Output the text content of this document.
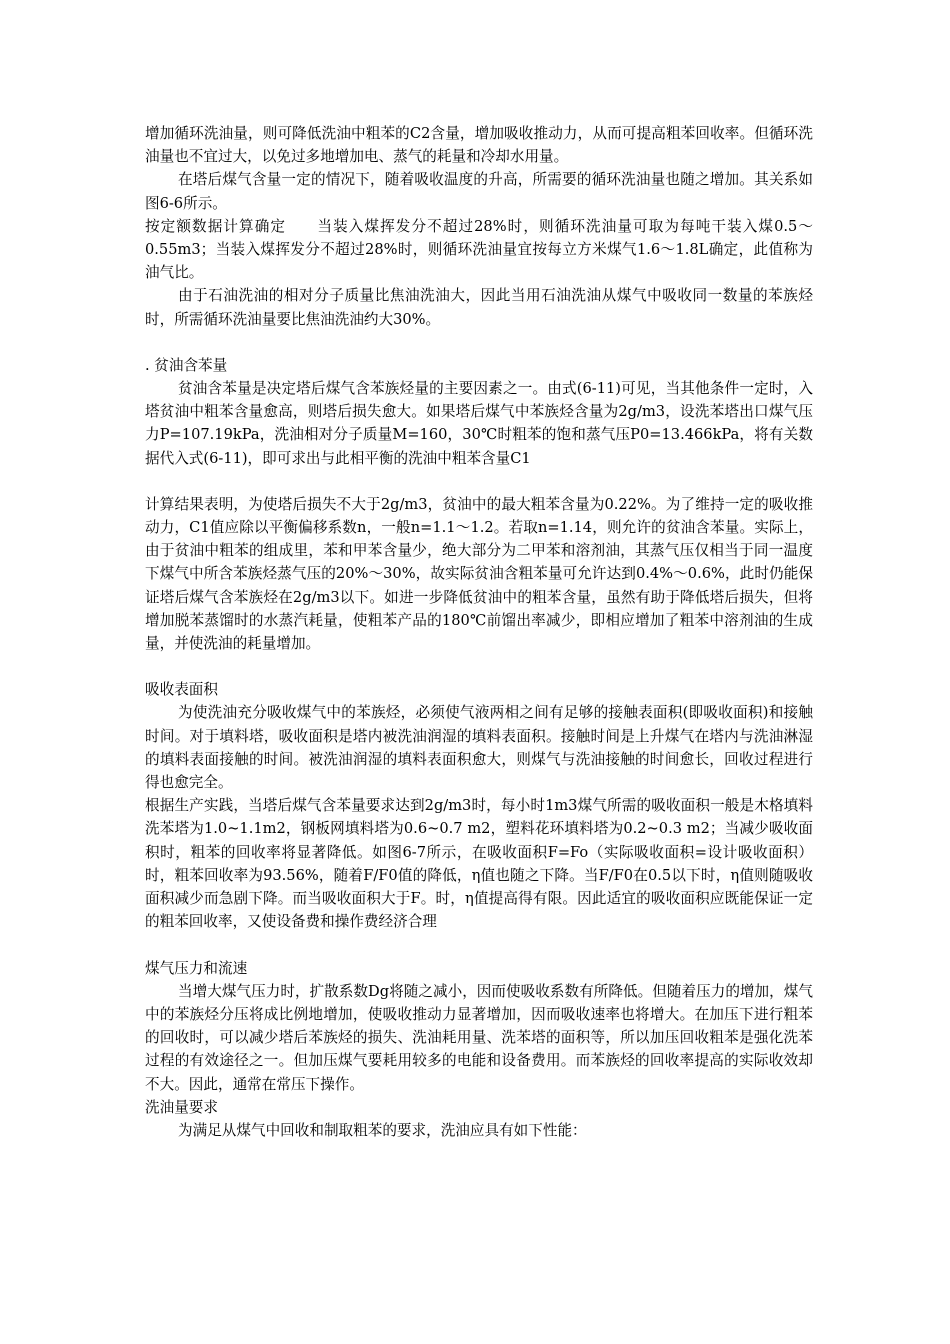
增加循环洗油量，则可降低洗油中粗苯的C2含量，增加吸收推动力，从而可提高粗苯回收率。但循环洗油量也不宜过大，以免过多地增加电、蒸气的耗量和冷却水用量。

在塔后煤气含量一定的情况下，随着吸收温度的升高，所需要的循环洗油量也随之增加。其关系如图6-6所示。

按定额数据计算确定　　当装入煤挥发分不超过28%时，则循环洗油量可取为每吨干装入煤0.5～0.55m3；当装入煤挥发分不超过28%时，则循环洗油量宜按每立方米煤气1.6～1.8L确定，此值称为油气比。

由于石油洗油的相对分子质量比焦油洗油大，因此当用石油洗油从煤气中吸收同一数量的苯族烃时，所需循环洗油量要比焦油洗油约大30%。

. 贫油含苯量

贫油含苯量是决定塔后煤气含苯族烃量的主要因素之一。由式(6-11)可见，当其他条件一定时，入塔贫油中粗苯含量愈高，则塔后损失愈大。如果塔后煤气中苯族烃含量为2g/m3，设洗苯塔出口煤气压力P=107.19kPa，洗油相对分子质量M=160，30℃时粗苯的饱和蒸气压P0=13.466kPa，将有关数据代入式(6-11)，即可求出与此相平衡的洗油中粗苯含量C1

计算结果表明，为使塔后损失不大于2g/m3，贫油中的最大粗苯含量为0.22%。为了维持一定的吸收推动力，C1值应除以平衡偏移系数n，一般n=1.1～1.2。若取n=1.14，则允许的贫油含苯量。实际上，由于贫油中粗苯的组成里，苯和甲苯含量少，绝大部分为二甲苯和溶剂油，其蒸气压仅相当于同一温度下煤气中所含苯族烃蒸气压的20%～30%，故实际贫油含粗苯量可允许达到0.4%～0.6%，此时仍能保证塔后煤气含苯族烃在2g/m3以下。如进一步降低贫油中的粗苯含量，虽然有助于降低塔后损失，但将增加脱苯蒸馏时的水蒸汽耗量，使粗苯产品的180℃前馏出率减少，即相应增加了粗苯中溶剂油的生成量，并使洗油的耗量增加。

吸收表面积

为使洗油充分吸收煤气中的苯族烃，必须使气液两相之间有足够的接触表面积(即吸收面积)和接触时间。对于填料塔，吸收面积是塔内被洗油润湿的填料表面积。接触时间是上升煤气在塔内与洗油淋湿的填料表面接触的时间。被洗油润湿的填料表面积愈大，则煤气与洗油接触的时间愈长，回收过程进行得也愈完全。

根据生产实践，当塔后煤气含苯量要求达到2g/m3时，每小时1m3煤气所需的吸收面积一般是木格填料洗苯塔为1.0~1.1m2，钢板网填料塔为0.6~0.7 m2，塑料花环填料塔为0.2~0.3 m2；当减少吸收面积时，粗苯的回收率将显著降低。如图6-7所示，在吸收面积F=Fo（实际吸收面积=设计吸收面积）时，粗苯回收率为93.56%，随着F/F0值的降低，η值也随之下降。当F/F0在0.5以下时，η值则随吸收面积减少而急剧下降。而当吸收面积大于F。时，η值提高得有限。因此适宜的吸收面积应既能保证一定的粗苯回收率，又使设备费和操作费经济合理

煤气压力和流速

当增大煤气压力时，扩散系数Dg将随之减小，因而使吸收系数有所降低。但随着压力的增加，煤气中的苯族烃分压将成比例地增加，使吸收推动力显著增加，因而吸收速率也将增大。在加压下进行粗苯的回收时，可以减少塔后苯族烃的损失、洗油耗用量、洗苯塔的面积等，所以加压回收粗苯是强化洗苯过程的有效途径之一。但加压煤气要耗用较多的电能和设备费用。而苯族烃的回收率提高的实际收效却不大。因此，通常在常压下操作。

洗油量要求

为满足从煤气中回收和制取粗苯的要求，洗油应具有如下性能：
